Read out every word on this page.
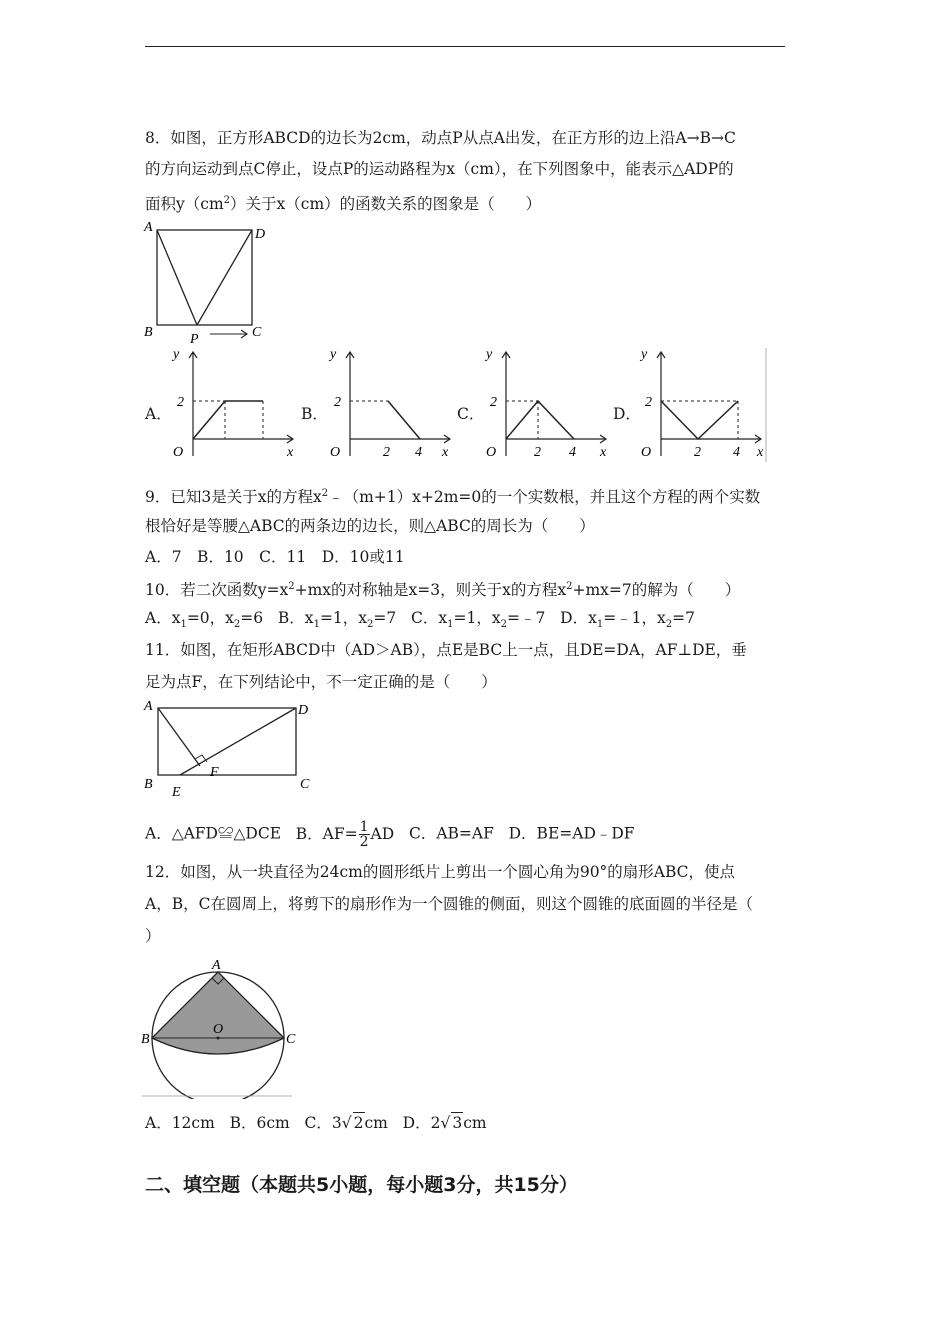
8．如图，正方形ABCD的边长为2cm，动点P从点A出发，在正方形的边上沿A→B→C
的方向运动到点C停止，设点P的运动路程为x（cm），在下列图象中，能表示△ADP的
面积$y(cm^2)$关于x（cm）的函数关系的图象是（　　）
A	D
B	C
P
A．
y
2
O	x
B．
y
2
O	2 4 x
C．
y
2
O	2 4 x
D．
y
2
O	2 4 x
9．已知3是关于x的方程$x^2﹣(m+1)x+2m=0$的一个实数根，并且这个方程的两个实数
根恰好是等腰△ABC的两条边的边长，则△ABC的周长为（　　）
A．7　B．10　C．11　D．10或11
10．若二次函数$y=x^2+mx$的对称轴是x=3，则关于x的方程$x^2+mx=7$的解为（　　）
A．$x_1=0$，$x_2=6$ B．$x_1=1$，$x_2=7$ C．$x_1=1$，$x_2=﹣7$ D．$x_1=﹣1$，$x_2=7$
11．如图，在矩形ABCD中（AD＞AB），点E是BC上一点，且DE=DA，AF⊥DE，垂
足为点F，在下列结论中，不一定正确的是（　　）
A	D
B	C
E
F
A．△AFD≌△DCE B．$AF= \frac{1}{2}$ AD C．AB=AF D．BE=AD﹣DF
12．如图，从一块直径为24cm的圆形纸片上剪出一个圆心角为90°的扇形ABC，使点
A，B，C在圆周上，将剪下的扇形作为一个圆锥的侧面，则这个圆锥的底面圆的半径是（
）
A
B	C
O
A．12cm B．6cm C．3√ 2cm D．2√ 3cm
二、填空题（本题共5小题，每小题3分，共15分）
